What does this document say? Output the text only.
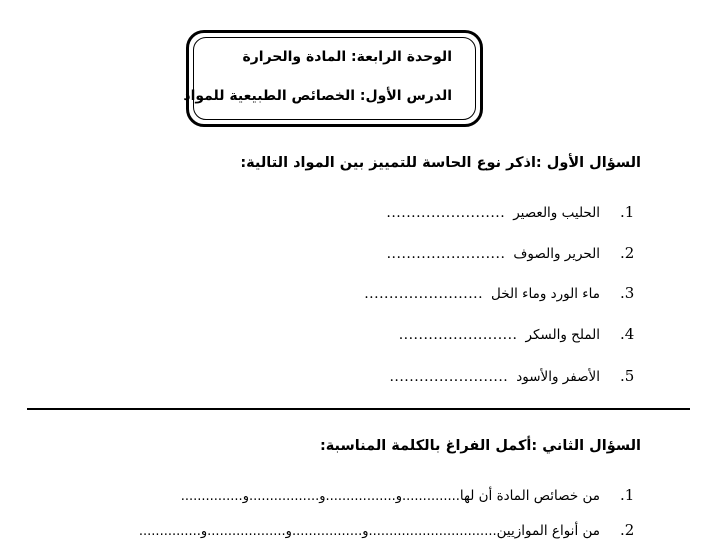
الوحدة الرابعة: المادة والحرارة
الدرس الأول: الخصائص الطبيعية للمواد
السؤال الأول :اذكر نوع الحاسة للتمييز بين المواد التالية:
.1
الحليب والعصير
........................
.2
الحرير والصوف
........................
.3
ماء الورد وماء الخل
........................
.4
الملح والسكر
........................
.5
الأصفر والأسود
........................
السؤال الثاني :أكمل الفراغ بالكلمة المناسبة:
.1
من خصائص المادة أن لها
..............و.................و.................و...............
.2
من أنواع الموازيين
...............................و.................و...................و...............
